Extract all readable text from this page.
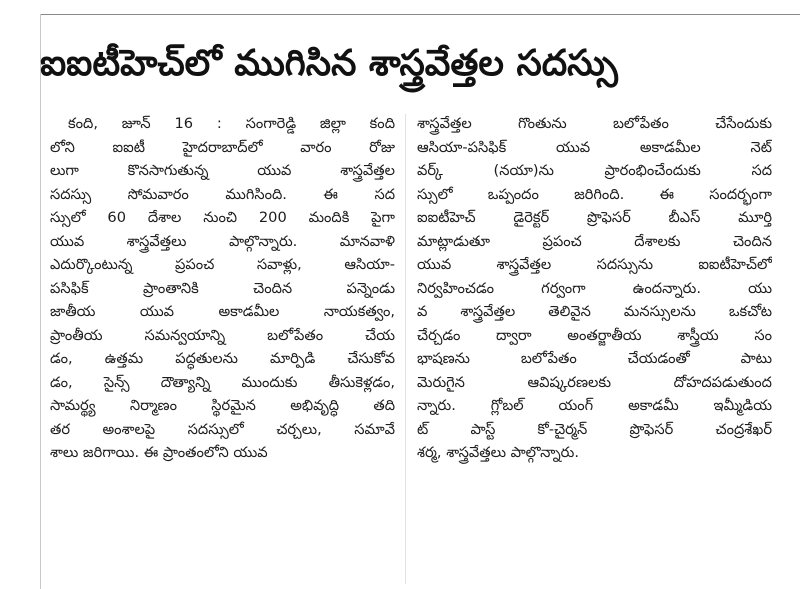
ఐఐటీహెచ్‌లో ముగిసిన శాస్త్రవేత్తల సదస్సు
కంది, జూన్ 16 : సంగారెడ్డి జిల్లా కంది
లోని ఐఐటీ హైదరాబాద్‌లో వారం రోజు
లుగా కొనసాగుతున్న యువ శాస్త్రవేత్తల
సదస్సు సోమవారం ముగిసింది. ఈ సద
స్సులో 60 దేశాల నుంచి 200 మందికి పైగా
యువ శాస్త్రవేత్తలు పాల్గొన్నారు. మానవాళి
ఎదుర్కొంటున్న ప్రపంచ సవాళ్లు, ఆసియా-
పసిఫిక్ ప్రాంతానికి చెందిన పన్నెండు
జాతీయ యువ అకాడమీల నాయకత్వం,
ప్రాంతీయ సమన్వయాన్ని బలోపేతం చేయ
డం, ఉత్తమ పద్ధతులను మార్పిడి చేసుకోవ
డం, సైన్స్ దౌత్యాన్ని ముందుకు తీసుకెళ్లడం,
సామర్థ్య నిర్మాణం స్థిరమైన అభివృద్ధి తది
తర అంశాలపై సదస్సులో చర్చలు, సమావే
శాలు జరిగాయి. ఈ ప్రాంతంలోని యువ
శాస్త్రవేత్తల గొంతును బలోపేతం చేసేందుకు
ఆసియా-పసిఫిక్ యువ అకాడమీల నెట్
వర్క్ (నయా)ను ప్రారంభించేందుకు సద
స్సులో ఒప్పందం జరిగింది. ఈ సందర్భంగా
ఐఐటీహెచ్ డైరెక్టర్ ప్రొఫెసర్ బీఎస్ మూర్తి
మాట్లాడుతూ ప్రపంచ దేశాలకు చెందిన
యువ శాస్త్రవేత్తల సదస్సును ఐఐటీహెచ్‌లో
నిర్వహించడం గర్వంగా ఉందన్నారు. యు
వ శాస్త్రవేత్తల తెలివైన మనస్సులను ఒకచోట
చేర్చడం ద్వారా అంతర్జాతీయ శాస్త్రీయ సం
భాషణను బలోపేతం చేయడంతో పాటు
మెరుగైన ఆవిష్కరణలకు దోహదపడుతుంద
న్నారు. గ్లోబల్ యంగ్ అకాడమీ ఇమ్మీడియ
ట్ పాస్ట్ కో-చైర్మన్ ప్రొఫెసర్ చంద్రశేఖర్
శర్మ, శాస్త్రవేత్తలు పాల్గొన్నారు.
